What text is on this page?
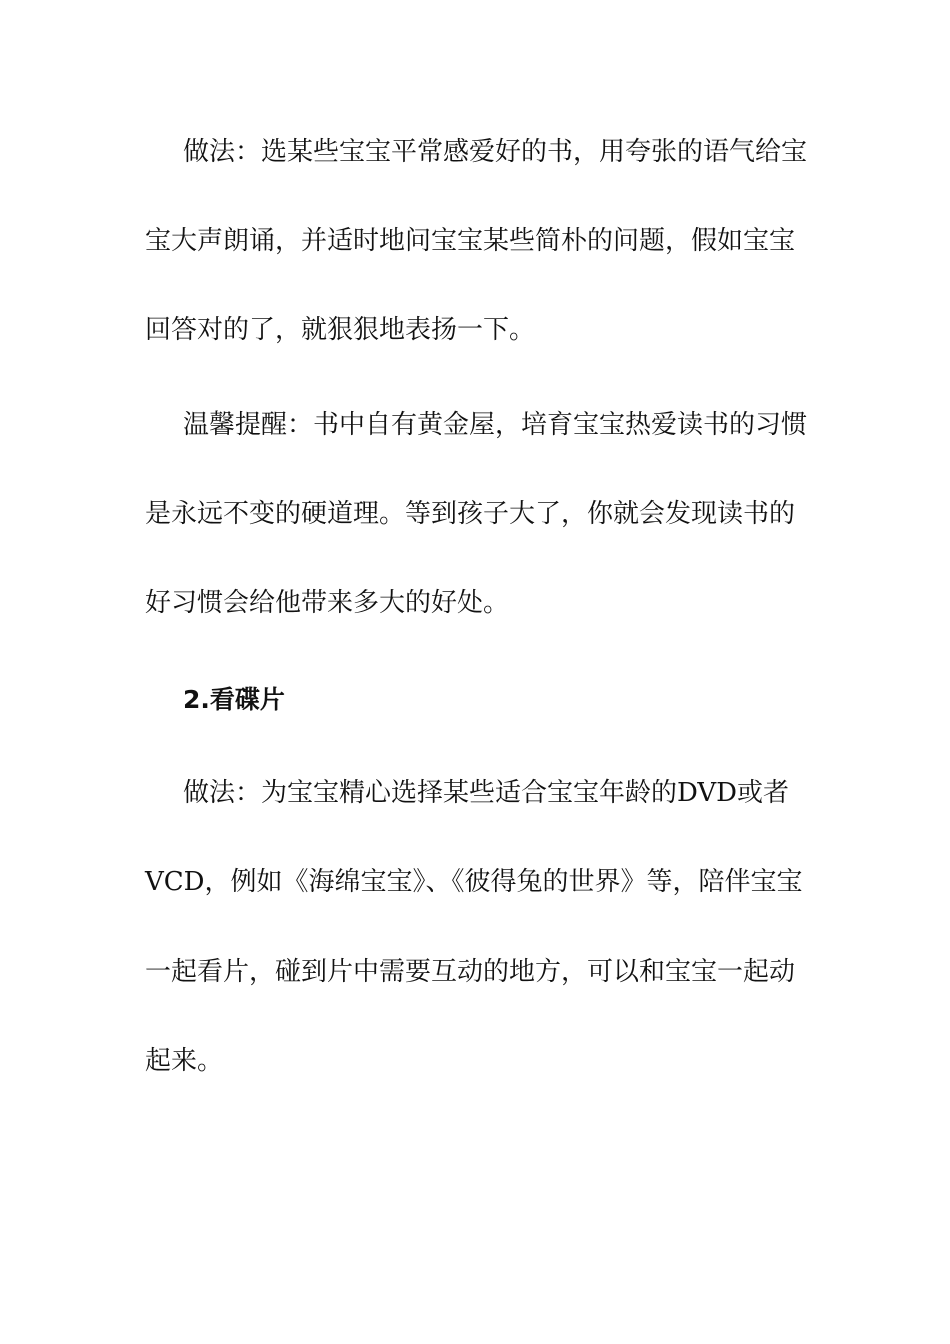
做法：选某些宝宝平常感爱好的书，用夸张的语气给宝
宝大声朗诵，并适时地问宝宝某些简朴的问题，假如宝宝
回答对的了，就狠狠地表扬一下。
温馨提醒：书中自有黄金屋，培育宝宝热爱读书的习惯
是永远不变的硬道理。等到孩子大了，你就会发现读书的
好习惯会给他带来多大的好处。
2.看碟片
做法：为宝宝精心选择某些适合宝宝年龄的DVD或者
VCD，例如《海绵宝宝》、《彼得兔的世界》等，陪伴宝宝
一起看片，碰到片中需要互动的地方，可以和宝宝一起动
起来。
